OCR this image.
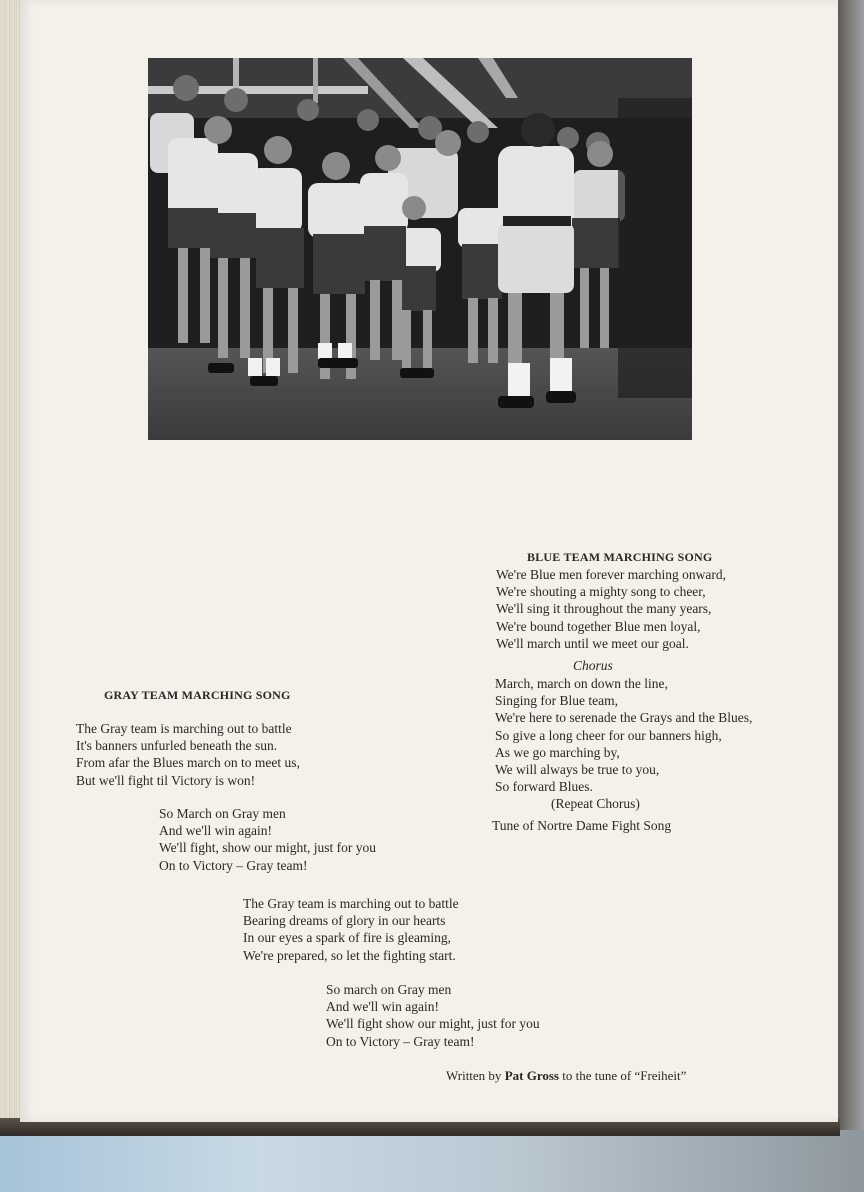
BLUE TEAM MARCHING SONG
We're Blue men forever marching onward,
We're shouting a mighty song to cheer,
We'll sing it throughout the many years,
We're bound together Blue men loyal,
We'll march until we meet our goal.
Chorus
March, march on down the line,
Singing for Blue team,
We're here to serenade the Grays and the Blues,
So give a long cheer for our banners high,
As we go marching by,
We will always be true to you,
So forward Blues.
(Repeat Chorus)
Tune of Nortre Dame Fight Song
GRAY TEAM MARCHING SONG
The Gray team is marching out to battle
It's banners unfurled beneath the sun.
From afar the Blues march on to meet us,
But we'll fight til Victory is won!
So March on Gray men
And we'll win again!
We'll fight, show our might, just for you
On to Victory – Gray team!
The Gray team is marching out to battle
Bearing dreams of glory in our hearts
In our eyes a spark of fire is gleaming,
We're prepared, so let the fighting start.
So march on Gray men
And we'll win again!
We'll fight show our might, just for you
On to Victory – Gray team!
Written by Pat Gross to the tune of “Freiheit”
